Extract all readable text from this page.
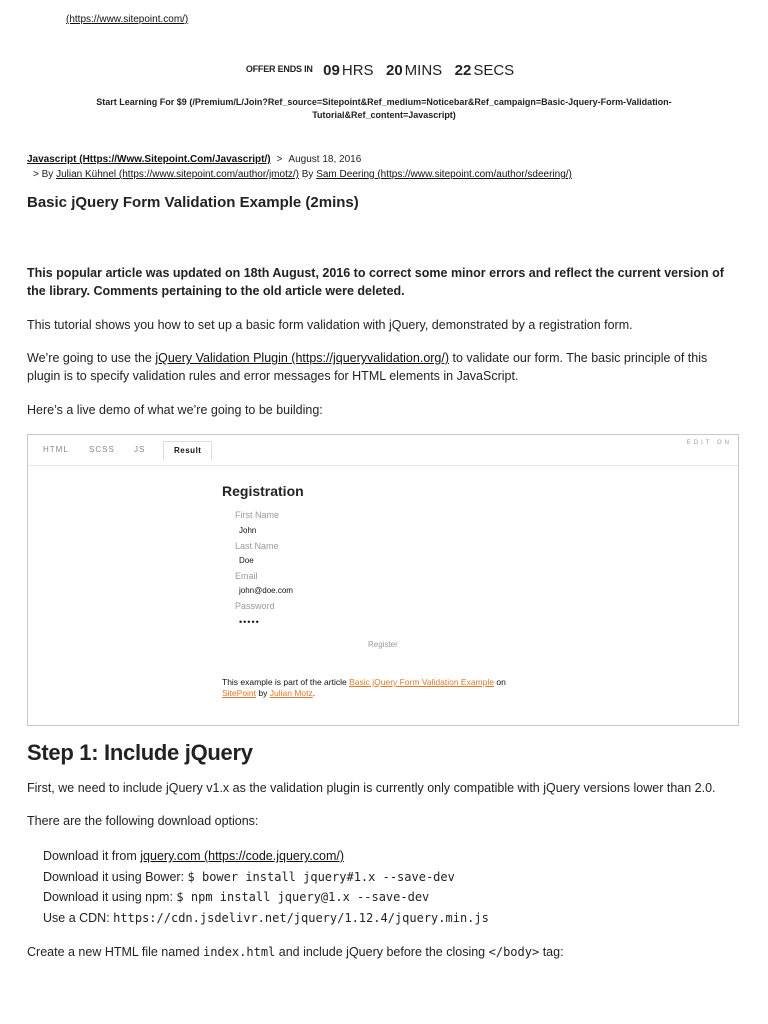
(https://www.sitepoint.com/)
OFFER ENDS IN 09 HRS 20 MINS 22 SECS
Start Learning For $9 (/Premium/L/Join?Ref_source=Sitepoint&Ref_medium=Noticebar&Ref_campaign=Basic-Jquery-Form-Validation-Tutorial&Ref_content=Javascript)
Javascript (Https://Www.Sitepoint.Com/Javascript/) > August 18, 2016
> By Julian Kühnel (https://www.sitepoint.com/author/jmotz/) By Sam Deering (https://www.sitepoint.com/author/sdeering/)
Basic jQuery Form Validation Example (2mins)

This popular article was updated on 18th August, 2016 to correct some minor errors and reflect the current version of the library. Comments pertaining to the old article were deleted.

This tutorial shows you how to set up a basic form validation with jQuery, demonstrated by a registration form.

We’re going to use the jQuery Validation Plugin (https://jqueryvalidation.org/) to validate our form. The basic principle of this plugin is to specify validation rules and error messages for HTML elements in JavaScript.

Here’s a live demo of what we’re going to be building:

HTML	SCSS JS	Result
EDIT ON
Registration
First Name
John
Last Name
Doe
Email
john@doe.com
Password
•••••
Register
This example is part of the article Basic jQuery Form Validation Example on
SitePoint by Julian Motz.
Step 1: Include jQuery

First, we need to include jQuery v1.x as the validation plugin is currently only compatible with jQuery versions lower than 2.0.

There are the following download options:

Download it from jquery.com (https://code.jquery.com/)
Download it using Bower: $ bower install jquery#1.x --save-dev
Download it using npm: $ npm install jquery@1.x --save-dev
Use a CDN: https://cdn.jsdelivr.net/jquery/1.12.4/jquery.min.js

Create a new HTML file named index.html and include jQuery before the closing </body> tag:
